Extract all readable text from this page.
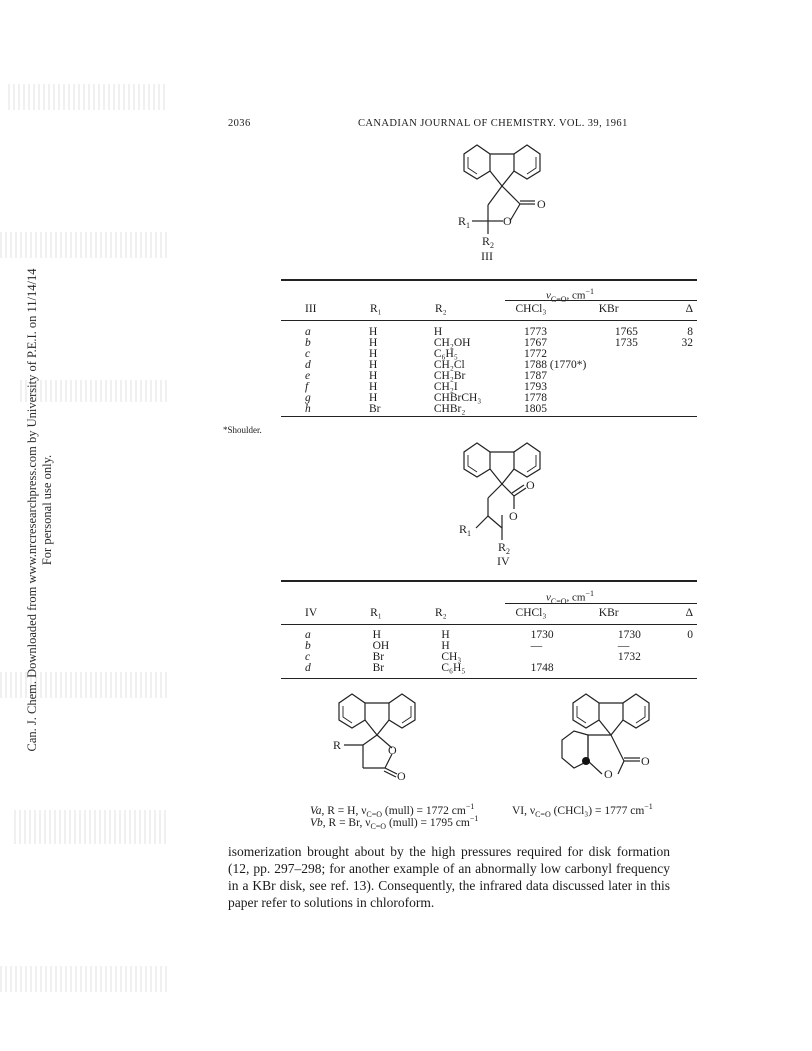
Can. J. Chem. Downloaded from www.nrcresearchpress.com by University of P.E.I. on 11/14/14 For personal use only.
2036	CANADIAN JOURNAL OF CHEMISTRY. VOL. 39, 1961
O
O
$R_1$
$R_2$
III
$\nu_{C=O}$, $cm^{-1}$
III	R₁	R₂	CHCl₃	KBr	Δ
a	H	H	1773	1765	8
b	H	CH₂OH	1767	1735	32
c	H	C₆H₅	1772		
d	H	CH₂Cl	1788 (1770*)		
e	H	CH₂Br	1787		
f	H	CH₂I	1793		
g	H	CHBrCH₃	1778		
h	Br	CHBr₂	1805		
*Shoulder.
O
O
$R_1$
$R_2$
IV
$\nu_{C=O}$, $cm^{-1}$
IV	R₁	R₂	CHCl₃	KBr	Δ
a	H	H	1730	1730	0
b	OH	H	—	—	
c	Br	CH₃		1732	
d	Br	C₆H₅	1748		
R	O
O	O
O
Va, R = H, $\nu_{C=O}$ (mull) = 1772 $cm^{-1}$
Vb, R = Br, $\nu_{C=O}$ (mull) = 1795 $cm^{-1}$
VI, $\nu_{C=O}$ (CHCl₃) = 1777 $cm^{-1}$
isomerization brought about by the high pressures required for disk formation (12, pp. 297–298; for another example of an abnormally low carbonyl frequency in a KBr disk, see ref. 13). Consequently, the infrared data discussed later in this paper refer to solutions in chloroform.
